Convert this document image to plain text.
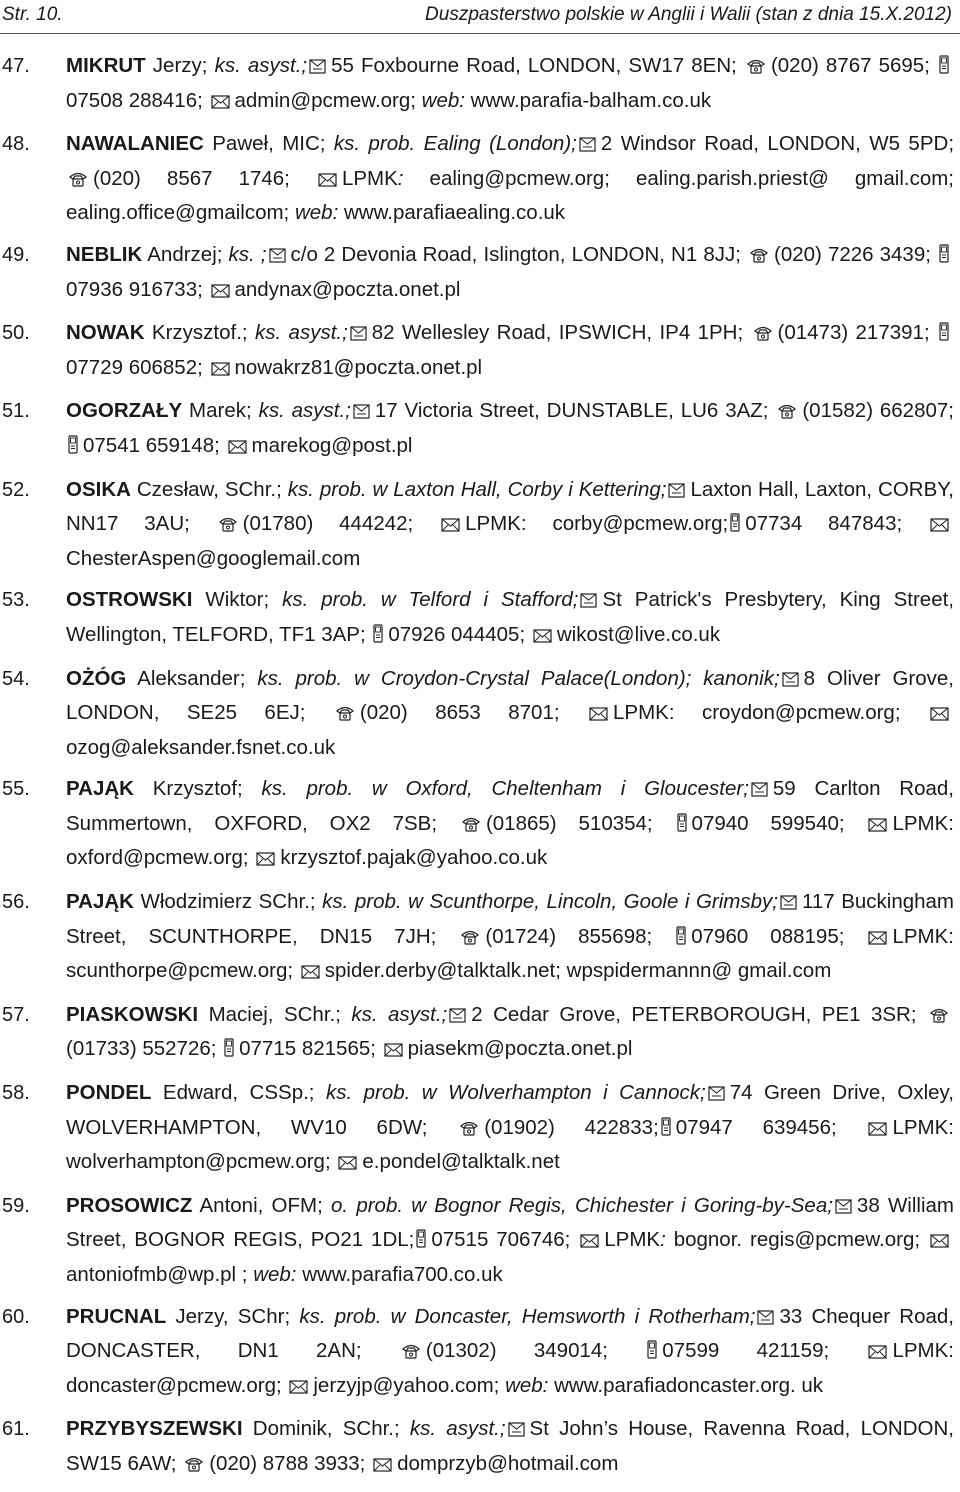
Str. 10.	Duszpasterstwo polskie w Anglii i Walii (stan z dnia 15.X.2012)
47. MIKRUT Jerzy; ks. asyst.; 55 Foxbourne Road, LONDON, SW17 8EN; (020) 8767 5695; 07508 288416; admin@pcmew.org; web: www.parafia-balham.co.uk
48. NAWALANIEC Paweł, MIC; ks. prob. Ealing (London); 2 Windsor Road, LONDON, W5 5PD; (020) 8567 1746; LPMK: ealing@pcmew.org; ealing.parish.priest@ gmail.com; ealing.office@gmailcom; web: www.parafiaealing.co.uk
49. NEBLIK Andrzej; ks. ; c/o 2 Devonia Road, Islington, LONDON, N1 8JJ; (020) 7226 3439; 07936 916733; andynax@poczta.onet.pl
50. NOWAK Krzysztof.; ks. asyst.; 82 Wellesley Road, IPSWICH, IP4 1PH; (01473) 217391; 07729 606852; nowakrz81@poczta.onet.pl
51. OGORZAŁY Marek; ks. asyst.; 17 Victoria Street, DUNSTABLE, LU6 3AZ; (01582) 662807; 07541 659148; marekog@post.pl
52. OSIKA Czesław, SChr.; ks. prob. w Laxton Hall, Corby i Kettering; Laxton Hall, Laxton, CORBY, NN17 3AU; (01780) 444242; LPMK: corby@pcmew.org; 07734 847843; ChesterAspen@googlemail.com
53. OSTROWSKI Wiktor; ks. prob. w Telford i Stafford; St Patrick's Presbytery, King Street, Wellington, TELFORD, TF1 3AP; 07926 044405; wikost@live.co.uk
54. OŻÓG Aleksander; ks. prob. w Croydon-Crystal Palace(London); kanonik; 8 Oliver Grove, LONDON, SE25 6EJ; (020) 8653 8701; LPMK: croydon@pcmew.org; ozog@aleksander.fsnet.co.uk
55. PAJĄK Krzysztof; ks. prob. w Oxford, Cheltenham i Gloucester; 59 Carlton Road, Summertown, OXFORD, OX2 7SB; (01865) 510354; 07940 599540; LPMK: oxford@pcmew.org; krzysztof.pajak@yahoo.co.uk
56. PAJĄK Włodzimierz SChr.; ks. prob. w Scunthorpe, Lincoln, Goole i Grimsby; 117 Buckingham Street, SCUNTHORPE, DN15 7JH; (01724) 855698; 07960 088195; LPMK: scunthorpe@pcmew.org; spider.derby@talktalk.net; wpspidermannn@ gmail.com
57. PIASKOWSKI Maciej, SChr.; ks. asyst.; 2 Cedar Grove, PETERBOROUGH, PE1 3SR; (01733) 552726; 07715 821565; piasekm@poczta.onet.pl
58. PONDEL Edward, CSSp.; ks. prob. w Wolverhampton i Cannock; 74 Green Drive, Oxley, WOLVERHAMPTON, WV10 6DW; (01902) 422833; 07947 639456; LPMK: wolverhampton@pcmew.org; e.pondel@talktalk.net
59. PROSOWICZ Antoni, OFM; o. prob. w Bognor Regis, Chichester i Goring-by-Sea; 38 William Street, BOGNOR REGIS, PO21 1DL; 07515 706746; LPMK: bognor. regis@pcmew.org; antoniofmb@wp.pl ; web: www.parafia700.co.uk
60. PRUCNAL Jerzy, SChr; ks. prob. w Doncaster, Hemsworth i Rotherham; 33 Chequer Road, DONCASTER, DN1 2AN; (01302) 349014; 07599 421159; LPMK: doncaster@pcmew.org; jerzyjp@yahoo.com; web: www.parafiadoncaster.org. uk
61. PRZYBYSZEWSKI Dominik, SChr.; ks. asyst.; St John’s House, Ravenna Road, LONDON, SW15 6AW; (020) 8788 3933; domprzyb@hotmail.com
